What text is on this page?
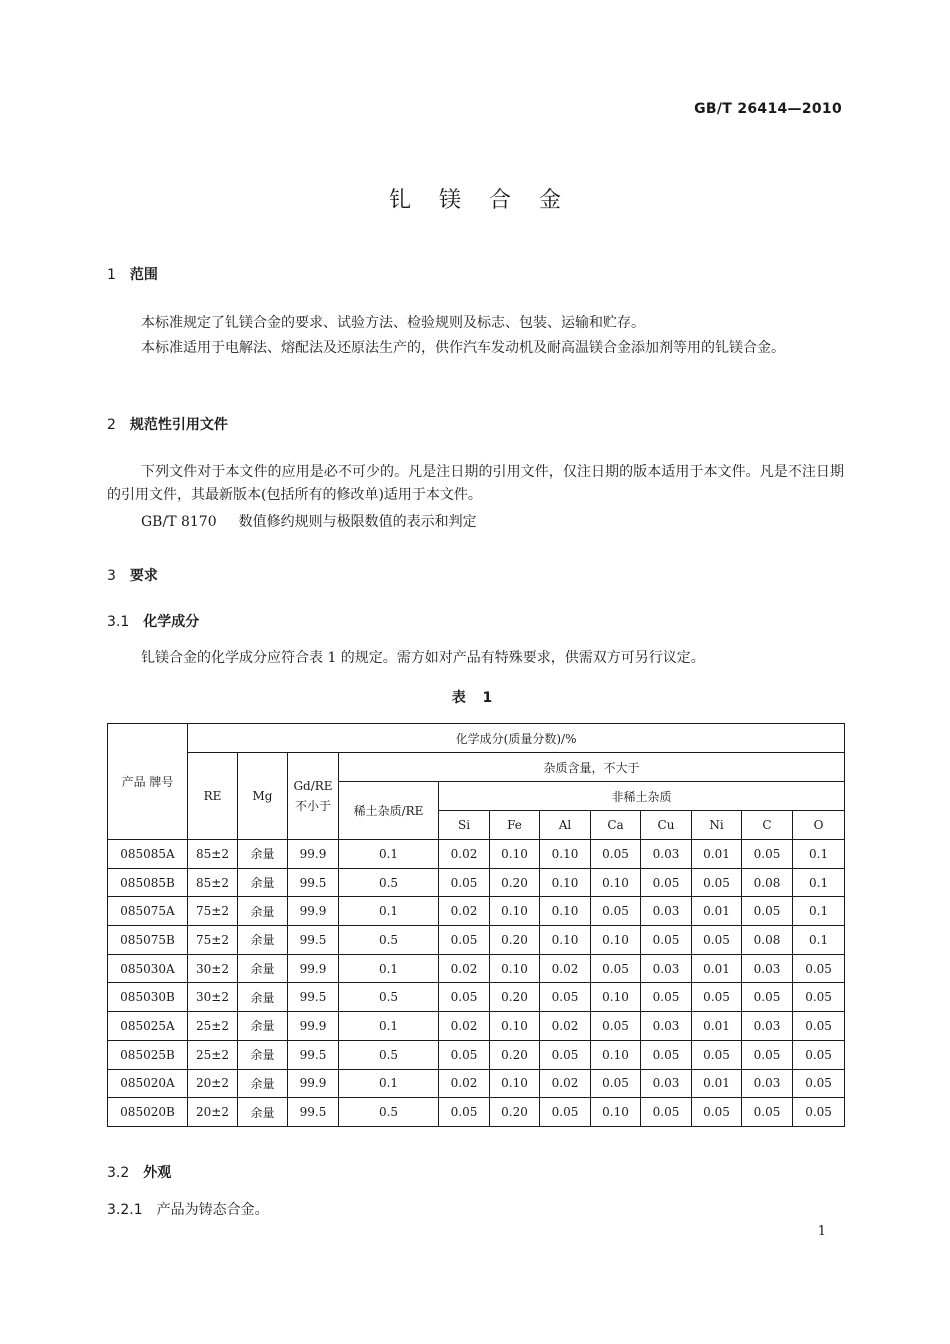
GB/T 26414—2010
钆镁合金
1 范围
本标准规定了钆镁合金的要求、试验方法、检验规则及标志、包装、运输和贮存。
本标准适用于电解法、熔配法及还原法生产的，供作汽车发动机及耐高温镁合金添加剂等用的钆镁合金。
2 规范性引用文件
下列文件对于本文件的应用是必不可少的。凡是注日期的引用文件，仅注日期的版本适用于本文件。凡是不注日期的引用文件，其最新版本(包括所有的修改单)适用于本文件。
GB/T 8170 数值修约规则与极限数值的表示和判定
3 要求
3.1 化学成分
钆镁合金的化学成分应符合表 1 的规定。需方如对产品有特殊要求，供需双方可另行议定。
表 1
产品 牌号	化学成分(质量分数)/%											
	RE	Mg	Gd/RE 不小于	杂质含量，不大于								
				稀土杂质/RE	非稀土杂质							
					Si	Fe	Al	Ca	Cu	Ni	C	O
085085A	85±2	余量	99.9	0.1	0.02	0.10	0.10	0.05	0.03	0.01	0.05	0.1
085085B	85±2	余量	99.5	0.5	0.05	0.20	0.10	0.10	0.05	0.05	0.08	0.1
085075A	75±2	余量	99.9	0.1	0.02	0.10	0.10	0.05	0.03	0.01	0.05	0.1
085075B	75±2	余量	99.5	0.5	0.05	0.20	0.10	0.10	0.05	0.05	0.08	0.1
085030A	30±2	余量	99.9	0.1	0.02	0.10	0.02	0.05	0.03	0.01	0.03	0.05
085030B	30±2	余量	99.5	0.5	0.05	0.20	0.05	0.10	0.05	0.05	0.05	0.05
085025A	25±2	余量	99.9	0.1	0.02	0.10	0.02	0.05	0.03	0.01	0.03	0.05
085025B	25±2	余量	99.5	0.5	0.05	0.20	0.05	0.10	0.05	0.05	0.05	0.05
085020A	20±2	余量	99.9	0.1	0.02	0.10	0.02	0.05	0.03	0.01	0.03	0.05
085020B	20±2	余量	99.5	0.5	0.05	0.20	0.05	0.10	0.05	0.05	0.05	0.05
3.2 外观
3.2.1 产品为铸态合金。
1
